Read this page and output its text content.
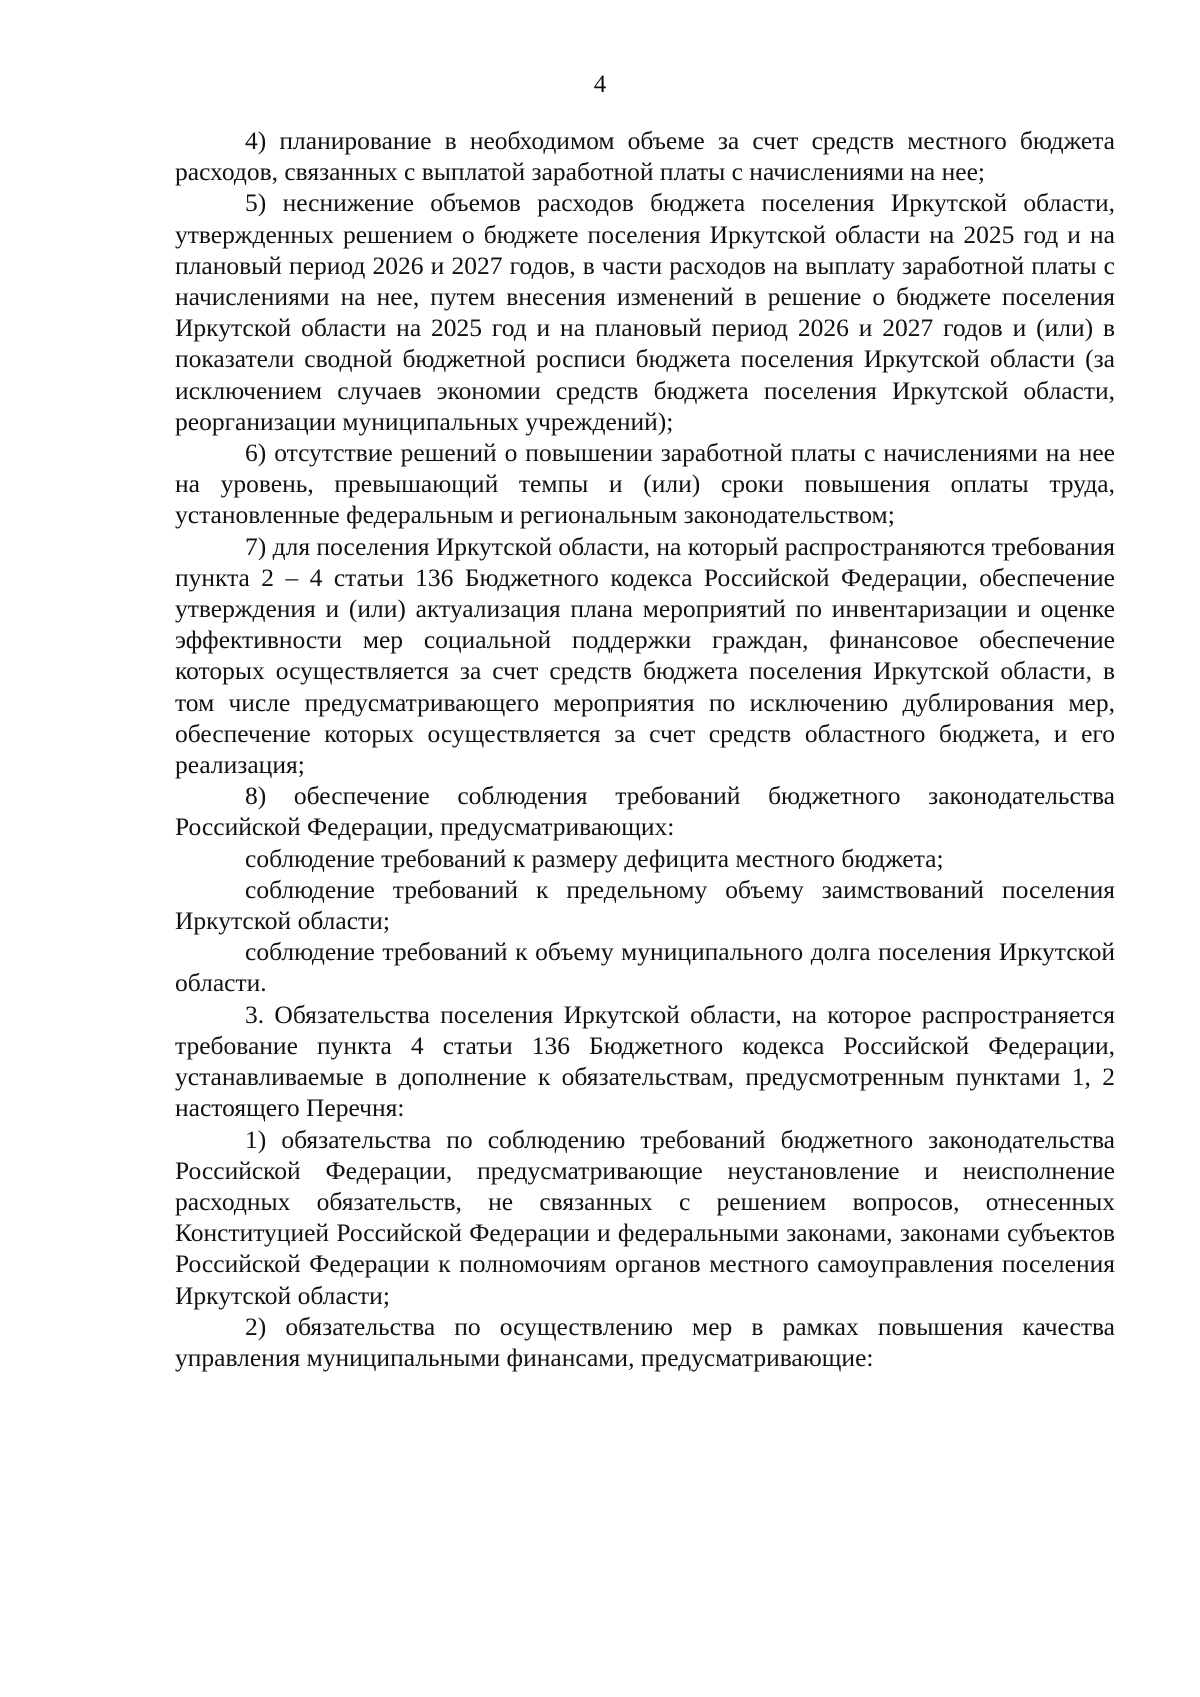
4

4) планирование в необходимом объеме за счет средств местного бюджета расходов, связанных с выплатой заработной платы с начислениями на нее;

5) неснижение объемов расходов бюджета поселения Иркутской области, утвержденных решением о бюджете поселения Иркутской области на 2025 год и на плановый период 2026 и 2027 годов, в части расходов на выплату заработной платы с начислениями на нее, путем внесения изменений в решение о бюджете поселения Иркутской области на 2025 год и на плановый период 2026 и 2027 годов и (или) в показатели сводной бюджетной росписи бюджета поселения Иркутской области (за исключением случаев экономии средств бюджета поселения Иркутской области, реорганизации муниципальных учреждений);

6) отсутствие решений о повышении заработной платы с начислениями на нее на уровень, превышающий темпы и (или) сроки повышения оплаты труда, установленные федеральным и региональным законодательством;

7) для поселения Иркутской области, на который распространяются требования пункта 2 – 4 статьи 136 Бюджетного кодекса Российской Федерации, обеспечение утверждения и (или) актуализация плана мероприятий по инвентаризации и оценке эффективности мер социальной поддержки граждан, финансовое обеспечение которых осуществляется за счет средств бюджета поселения Иркутской области, в том числе предусматривающего мероприятия по исключению дублирования мер, обеспечение которых осуществляется за счет средств областного бюджета, и его реализация;

8) обеспечение соблюдения требований бюджетного законодательства Российской Федерации, предусматривающих:

соблюдение требований к размеру дефицита местного бюджета;

соблюдение требований к предельному объему заимствований поселения Иркутской области;

соблюдение требований к объему муниципального долга поселения Иркутской области.

3. Обязательства поселения Иркутской области, на которое распространяется требование пункта 4 статьи 136 Бюджетного кодекса Российской Федерации, устанавливаемые в дополнение к обязательствам, предусмотренным пунктами 1, 2 настоящего Перечня:

1) обязательства по соблюдению требований бюджетного законодательства Российской Федерации, предусматривающие неустановление и неисполнение расходных обязательств, не связанных с решением вопросов, отнесенных Конституцией Российской Федерации и федеральными законами, законами субъектов Российской Федерации к полномочиям органов местного самоуправления поселения Иркутской области;

2) обязательства по осуществлению мер в рамках повышения качества управления муниципальными финансами, предусматривающие:
